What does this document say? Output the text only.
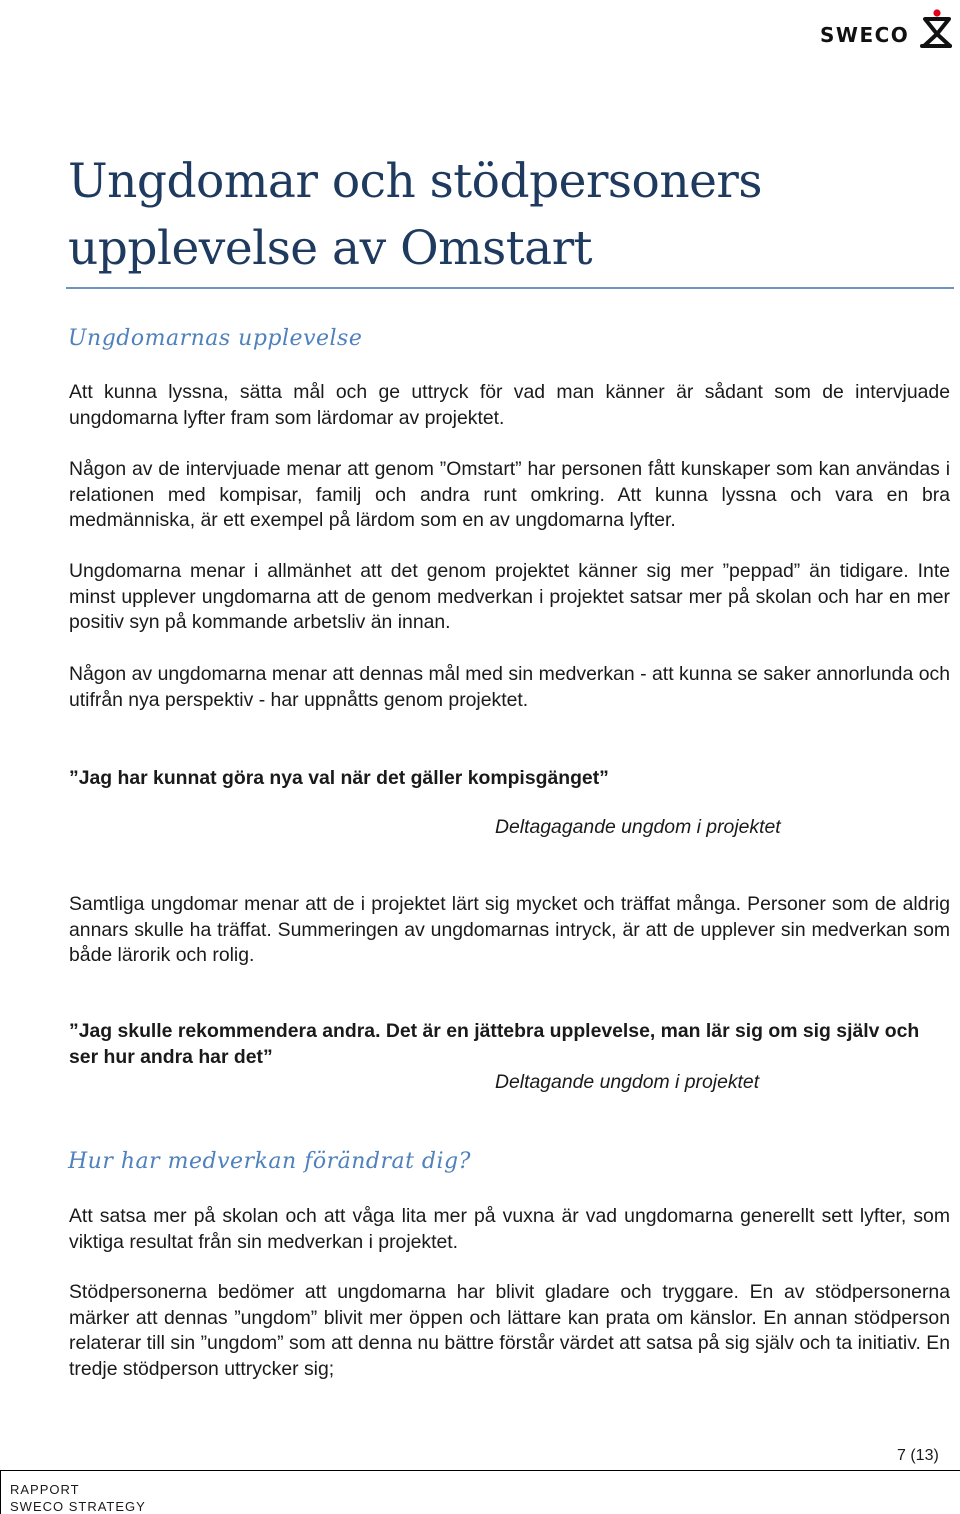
SWECO
Ungdomar och stödpersoners upplevelse av Omstart
Ungdomarnas upplevelse

Att kunna lyssna, sätta mål och ge uttryck för vad man känner är sådant som de intervjuade ungdomarna lyfter fram som lärdomar av projektet.

Någon av de intervjuade menar att genom ”Omstart” har personen fått kunskaper som kan användas i relationen med kompisar, familj och andra runt omkring. Att kunna lyssna och vara en bra medmänniska, är ett exempel på lärdom som en av ungdomarna lyfter.

Ungdomarna menar i allmänhet att det genom projektet känner sig mer ”peppad” än tidigare. Inte minst upplever ungdomarna att de genom medverkan i projektet satsar mer på skolan och har en mer positiv syn på kommande arbetsliv än innan.

Någon av ungdomarna menar att dennas mål med sin medverkan - att kunna se saker annorlunda och utifrån nya perspektiv - har uppnåtts genom projektet.

”Jag har kunnat göra nya val när det gäller kompisgänget”

Deltagagande ungdom i projektet

Samtliga ungdomar menar att de i projektet lärt sig mycket och träffat många. Personer som de aldrig annars skulle ha träffat. Summeringen av ungdomarnas intryck, är att de upplever sin medverkan som både lärorik och rolig.

”Jag skulle rekommendera andra. Det är en jättebra upplevelse, man lär sig om sig själv och ser hur andra har det”

Deltagande ungdom i projektet

Hur har medverkan förändrat dig?

Att satsa mer på skolan och att våga lita mer på vuxna är vad ungdomarna generellt sett lyfter, som viktiga resultat från sin medverkan i projektet.

Stödpersonerna bedömer att ungdomarna har blivit gladare och tryggare. En av stödpersonerna märker att dennas ”ungdom” blivit mer öppen och lättare kan prata om känslor. En annan stödperson relaterar till sin ”ungdom” som att denna nu bättre förstår värdet att satsa på sig själv och ta initiativ. En tredje stödperson uttrycker sig;

7 (13)
RAPPORT
SWECO STRATEGY
